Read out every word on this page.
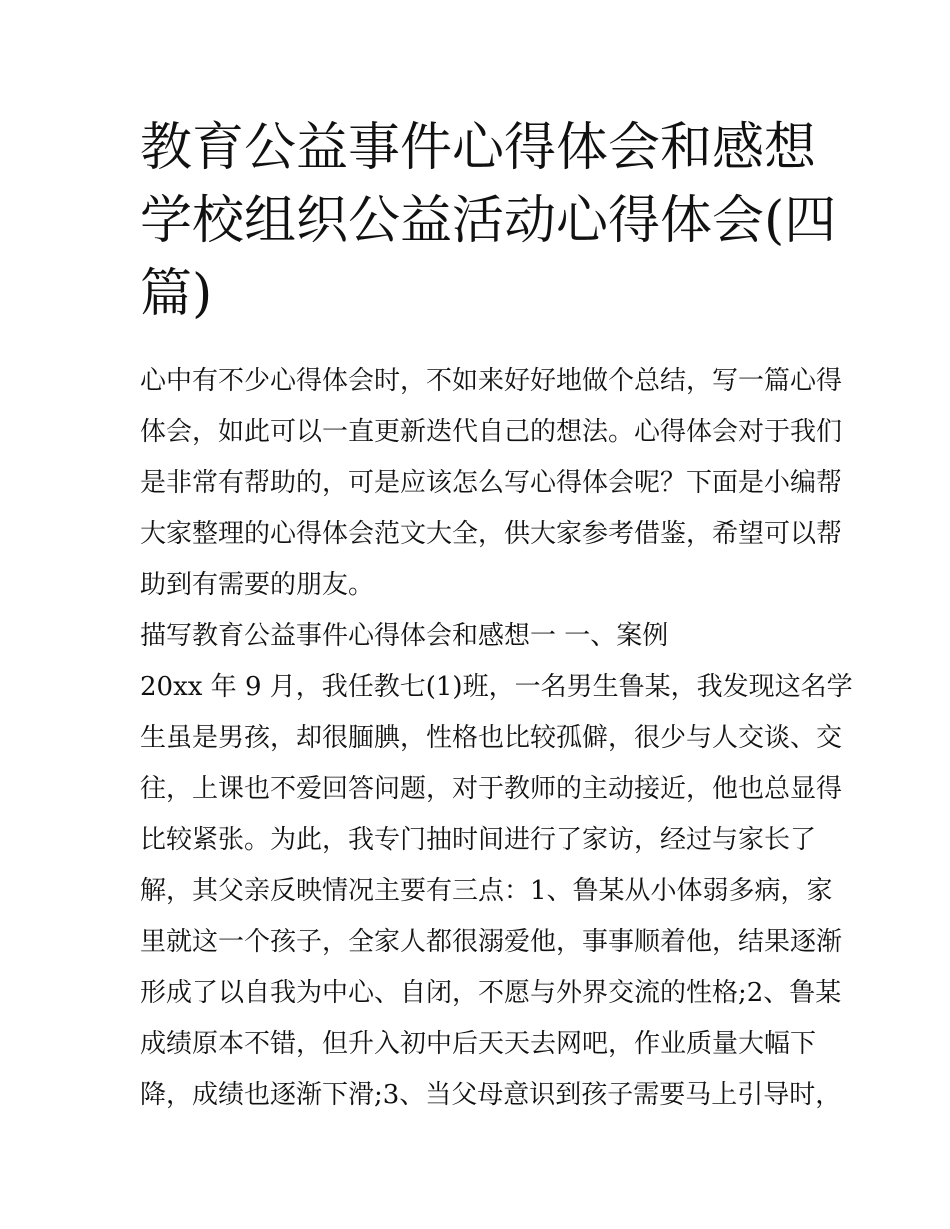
教育公益事件心得体会和感想
学校组织公益活动心得体会(四
篇)
心中有不少心得体会时，不如来好好地做个总结，写一篇心得
体会，如此可以一直更新迭代自己的想法。心得体会对于我们
是非常有帮助的，可是应该怎么写心得体会呢？下面是小编帮
大家整理的心得体会范文大全，供大家参考借鉴，希望可以帮
助到有需要的朋友。
描写教育公益事件心得体会和感想一 一、案例
20xx 年 9 月，我任教七(1)班，一名男生鲁某，我发现这名学
生虽是男孩，却很腼腆，性格也比较孤僻，很少与人交谈、交
往，上课也不爱回答问题，对于教师的主动接近，他也总显得
比较紧张。为此，我专门抽时间进行了家访，经过与家长了
解，其父亲反映情况主要有三点：1、鲁某从小体弱多病，家
里就这一个孩子，全家人都很溺爱他，事事顺着他，结果逐渐
形成了以自我为中心、自闭，不愿与外界交流的性格;2、鲁某
成绩原本不错，但升入初中后天天去网吧，作业质量大幅下
降，成绩也逐渐下滑;3、当父母意识到孩子需要马上引导时，
